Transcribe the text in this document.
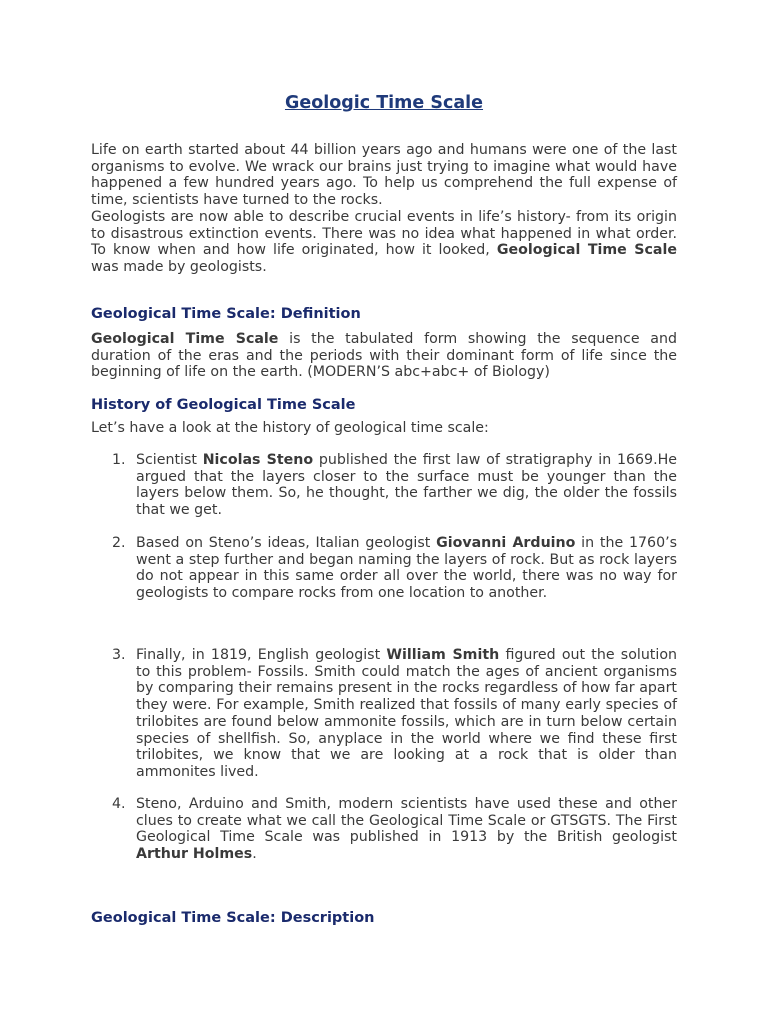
Geologic Time Scale

Life on earth started about 44 billion years ago and humans were one of the last organisms to evolve. We wrack our brains just trying to imagine what would have happened a few hundred years ago. To help us comprehend the full expense of time, scientists have turned to the rocks.
Geologists are now able to describe crucial events in life’s history- from its origin to disastrous extinction events. There was no idea what happened in what order. To know when and how life originated, how it looked, Geological Time Scale was made by geologists.

Geological Time Scale: Definition

Geological Time Scale is the tabulated form showing the sequence and duration of the eras and the periods with their dominant form of life since the beginning of life on the earth. (MODERN’S abc+abc+ of Biology)

History of Geological Time Scale

Let’s have a look at the history of geological time scale:

1. Scientist Nicolas Steno published the first law of stratigraphy in 1669.He argued that the layers closer to the surface must be younger than the layers below them. So, he thought, the farther we dig, the older the fossils that we get.

2. Based on Steno’s ideas, Italian geologist Giovanni Arduino in the 1760’s went a step further and began naming the layers of rock. But as rock layers do not appear in this same order all over the world, there was no way for geologists to compare rocks from one location to another.

3. Finally, in 1819, English geologist William Smith figured out the solution to this problem- Fossils. Smith could match the ages of ancient organisms by comparing their remains present in the rocks regardless of how far apart they were. For example, Smith realized that fossils of many early species of trilobites are found below ammonite fossils, which are in turn below certain species of shellfish. So, anyplace in the world where we find these first trilobites, we know that we are looking at a rock that is older than ammonites lived.

4. Steno, Arduino and Smith, modern scientists have used these and other clues to create what we call the Geological Time Scale or GTSGTS. The First Geological Time Scale was published in 1913 by the British geologist Arthur Holmes.

Geological Time Scale: Description
